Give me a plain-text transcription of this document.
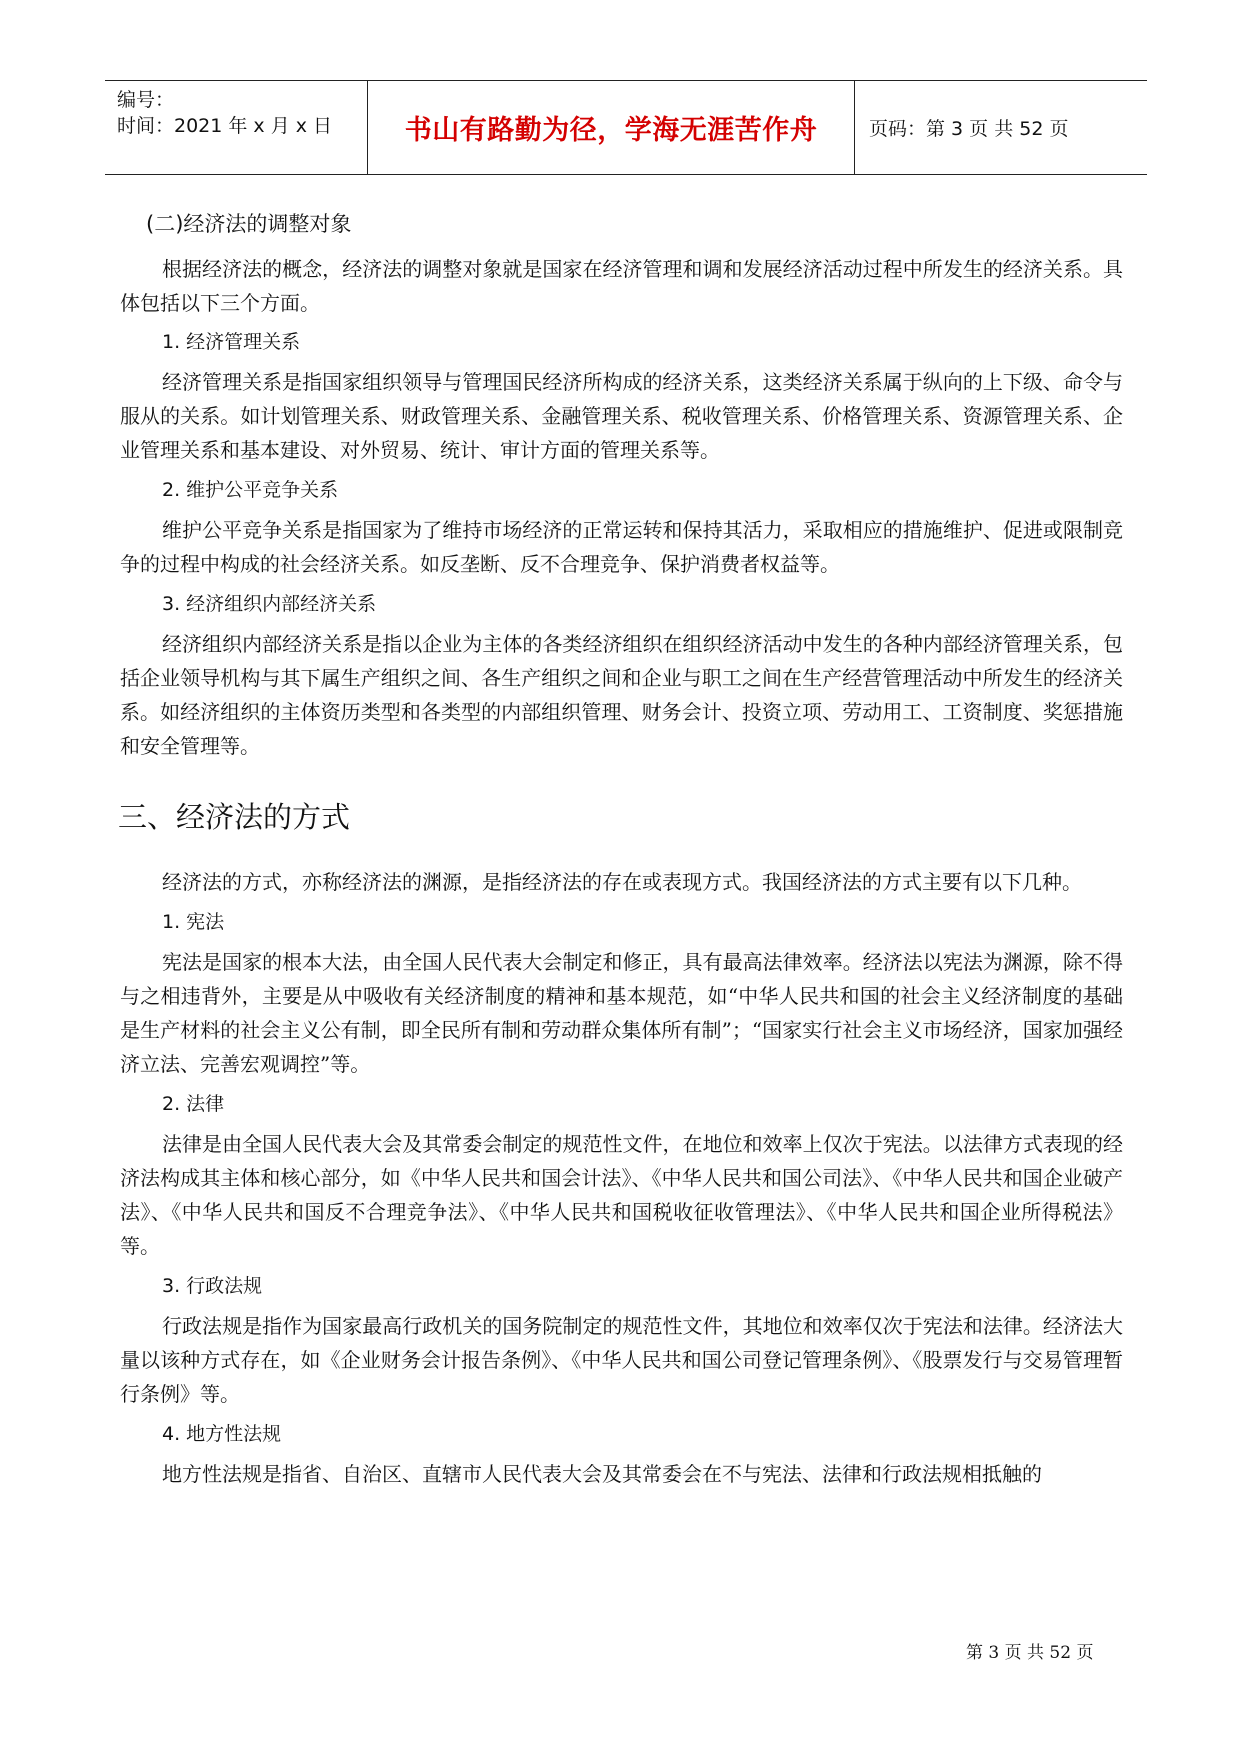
编号：
时间：2021 年 x 月 x 日	书山有路勤为径，学海无涯苦作舟	页码：第 3 页 共 52 页
(二)经济法的调整对象

根据经济法的概念，经济法的调整对象就是国家在经济管理和调和发展经济活动过程中所发生的经济关系。具体包括以下三个方面。

1. 经济管理关系

经济管理关系是指国家组织领导与管理国民经济所构成的经济关系，这类经济关系属于纵向的上下级、命令与服从的关系。如计划管理关系、财政管理关系、金融管理关系、税收管理关系、价格管理关系、资源管理关系、企业管理关系和基本建设、对外贸易、统计、审计方面的管理关系等。

2. 维护公平竞争关系

维护公平竞争关系是指国家为了维持市场经济的正常运转和保持其活力，采取相应的措施维护、促进或限制竞争的过程中构成的社会经济关系。如反垄断、反不合理竞争、保护消费者权益等。

3. 经济组织内部经济关系

经济组织内部经济关系是指以企业为主体的各类经济组织在组织经济活动中发生的各种内部经济管理关系，包括企业领导机构与其下属生产组织之间、各生产组织之间和企业与职工之间在生产经营管理活动中所发生的经济关系。如经济组织的主体资历类型和各类型的内部组织管理、财务会计、投资立项、劳动用工、工资制度、奖惩措施和安全管理等。

三、经济法的方式

经济法的方式，亦称经济法的渊源，是指经济法的存在或表现方式。我国经济法的方式主要有以下几种。

1. 宪法

宪法是国家的根本大法，由全国人民代表大会制定和修正，具有最高法律效率。经济法以宪法为渊源，除不得与之相违背外，主要是从中吸收有关经济制度的精神和基本规范，如“中华人民共和国的社会主义经济制度的基础是生产材料的社会主义公有制，即全民所有制和劳动群众集体所有制”；“国家实行社会主义市场经济，国家加强经济立法、完善宏观调控”等。

2. 法律

法律是由全国人民代表大会及其常委会制定的规范性文件，在地位和效率上仅次于宪法。以法律方式表现的经济法构成其主体和核心部分，如《中华人民共和国会计法》、《中华人民共和国公司法》、《中华人民共和国企业破产法》、《中华人民共和国反不合理竞争法》、《中华人民共和国税收征收管理法》、《中华人民共和国企业所得税法》等。

3. 行政法规

行政法规是指作为国家最高行政机关的国务院制定的规范性文件，其地位和效率仅次于宪法和法律。经济法大量以该种方式存在，如《企业财务会计报告条例》、《中华人民共和国公司登记管理条例》、《股票发行与交易管理暂行条例》等。

4. 地方性法规

地方性法规是指省、自治区、直辖市人民代表大会及其常委会在不与宪法、法律和行政法规相抵触的

第 3 页 共 52 页
